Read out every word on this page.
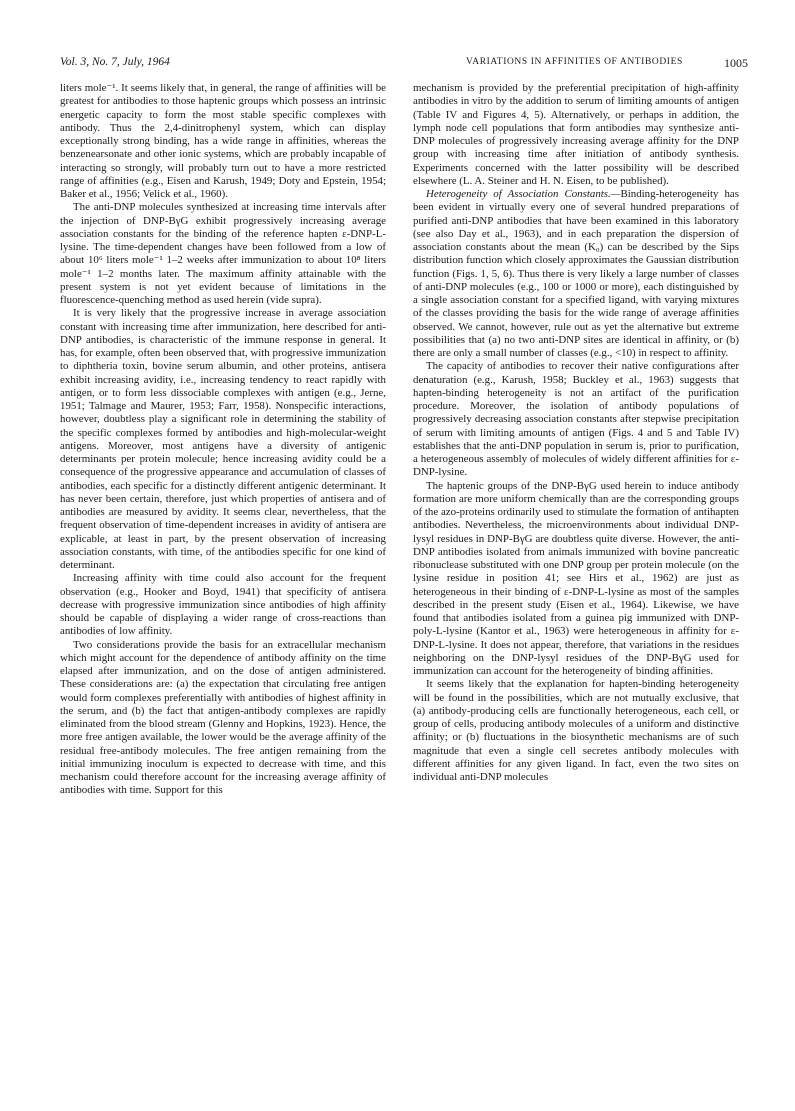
Vol. 3, No. 7, July, 1964	VARIATIONS IN AFFINITIES OF ANTIBODIES	1005

liters mole⁻¹. It seems likely that, in general, the range of affinities will be greatest for antibodies to those haptenic groups which possess an intrinsic energetic capacity to form the most stable specific complexes with antibody. Thus the 2,4-dinitrophenyl system, which can display exceptionally strong binding, has a wide range in affinities, whereas the benzenearsonate and other ionic systems, which are probably incapable of interacting so strongly, will probably turn out to have a more restricted range of affinities (e.g., Eisen and Karush, 1949; Doty and Epstein, 1954; Baker et al., 1956; Velick et al., 1960).

The anti-DNP molecules synthesized at increasing time intervals after the injection of DNP-BγG exhibit progressively increasing average association constants for the binding of the reference hapten ε-DNP-L-lysine. The time-dependent changes have been followed from a low of about 10⁶ liters mole⁻¹ 1–2 weeks after immunization to about 10⁸ liters mole⁻¹ 1–2 months later. The maximum affinity attainable with the present system is not yet evident because of limitations in the fluorescence-quenching method as used herein (vide supra).

It is very likely that the progressive increase in average association constant with increasing time after immunization, here described for anti-DNP antibodies, is characteristic of the immune response in general. It has, for example, often been observed that, with progressive immunization to diphtheria toxin, bovine serum albumin, and other proteins, antisera exhibit increasing avidity, i.e., increasing tendency to react rapidly with antigen, or to form less dissociable complexes with antigen (e.g., Jerne, 1951; Talmage and Maurer, 1953; Farr, 1958). Nonspecific interactions, however, doubtless play a significant role in determining the stability of the specific complexes formed by antibodies and high-molecular-weight antigens. Moreover, most antigens have a diversity of antigenic determinants per protein molecule; hence increasing avidity could be a consequence of the progressive appearance and accumulation of classes of antibodies, each specific for a distinctly different antigenic determinant. It has never been certain, therefore, just which properties of antisera and of antibodies are measured by avidity. It seems clear, nevertheless, that the frequent observation of time-dependent increases in avidity of antisera are explicable, at least in part, by the present observation of increasing association constants, with time, of the antibodies specific for one kind of determinant.

Increasing affinity with time could also account for the frequent observation (e.g., Hooker and Boyd, 1941) that specificity of antisera decrease with progressive immunization since antibodies of high affinity should be capable of displaying a wider range of cross-reactions than antibodies of low affinity.

Two considerations provide the basis for an extracellular mechanism which might account for the dependence of antibody affinity on the time elapsed after immunization, and on the dose of antigen administered. These considerations are: (a) the expectation that circulating free antigen would form complexes preferentially with antibodies of highest affinity in the serum, and (b) the fact that antigen-antibody complexes are rapidly eliminated from the blood stream (Glenny and Hopkins, 1923). Hence, the more free antigen available, the lower would be the average affinity of the residual free-antibody molecules. The free antigen remaining from the initial immunizing inoculum is expected to decrease with time, and this mechanism could therefore account for the increasing average affinity of antibodies with time. Support for this

mechanism is provided by the preferential precipitation of high-affinity antibodies in vitro by the addition to serum of limiting amounts of antigen (Table IV and Figures 4, 5). Alternatively, or perhaps in addition, the lymph node cell populations that form antibodies may synthesize anti-DNP molecules of progressively increasing average affinity for the DNP group with increasing time after initiation of antibody synthesis. Experiments concerned with the latter possibility will be described elsewhere (L. A. Steiner and H. N. Eisen, to be published).

Heterogeneity of Association Constants.—Binding-heterogeneity has been evident in virtually every one of several hundred preparations of purified anti-DNP antibodies that have been examined in this laboratory (see also Day et al., 1963), and in each preparation the dispersion of association constants about the mean (K₀) can be described by the Sips distribution function which closely approximates the Gaussian distribution function (Figs. 1, 5, 6). Thus there is very likely a large number of classes of anti-DNP molecules (e.g., 100 or 1000 or more), each distinguished by a single association constant for a specified ligand, with varying mixtures of the classes providing the basis for the wide range of average affinities observed. We cannot, however, rule out as yet the alternative but extreme possibilities that (a) no two anti-DNP sites are identical in affinity, or (b) there are only a small number of classes (e.g., <10) in respect to affinity.

The capacity of antibodies to recover their native configurations after denaturation (e.g., Karush, 1958; Buckley et al., 1963) suggests that hapten-binding heterogeneity is not an artifact of the purification procedure. Moreover, the isolation of antibody populations of progressively decreasing association constants after stepwise precipitation of serum with limiting amounts of antigen (Figs. 4 and 5 and Table IV) establishes that the anti-DNP population in serum is, prior to purification, a heterogeneous assembly of molecules of widely different affinities for ε-DNP-lysine.

The haptenic groups of the DNP-BγG used herein to induce antibody formation are more uniform chemically than are the corresponding groups of the azo-proteins ordinarily used to stimulate the formation of antihapten antibodies. Nevertheless, the microenvironments about individual DNP-lysyl residues in DNP-BγG are doubtless quite diverse. However, the anti-DNP antibodies isolated from animals immunized with bovine pancreatic ribonuclease substituted with one DNP group per protein molecule (on the lysine residue in position 41; see Hirs et al., 1962) are just as heterogeneous in their binding of ε-DNP-L-lysine as most of the samples described in the present study (Eisen et al., 1964). Likewise, we have found that antibodies isolated from a guinea pig immunized with DNP-poly-L-lysine (Kantor et al., 1963) were heterogeneous in affinity for ε-DNP-L-lysine. It does not appear, therefore, that variations in the residues neighboring on the DNP-lysyl residues of the DNP-BγG used for immunization can account for the heterogeneity of binding affinities.

It seems likely that the explanation for hapten-binding heterogeneity will be found in the possibilities, which are not mutually exclusive, that (a) antibody-producing cells are functionally heterogeneous, each cell, or group of cells, producing antibody molecules of a uniform and distinctive affinity; or (b) fluctuations in the biosynthetic mechanisms are of such magnitude that even a single cell secretes antibody molecules with different affinities for any given ligand. In fact, even the two sites on individual anti-DNP molecules
